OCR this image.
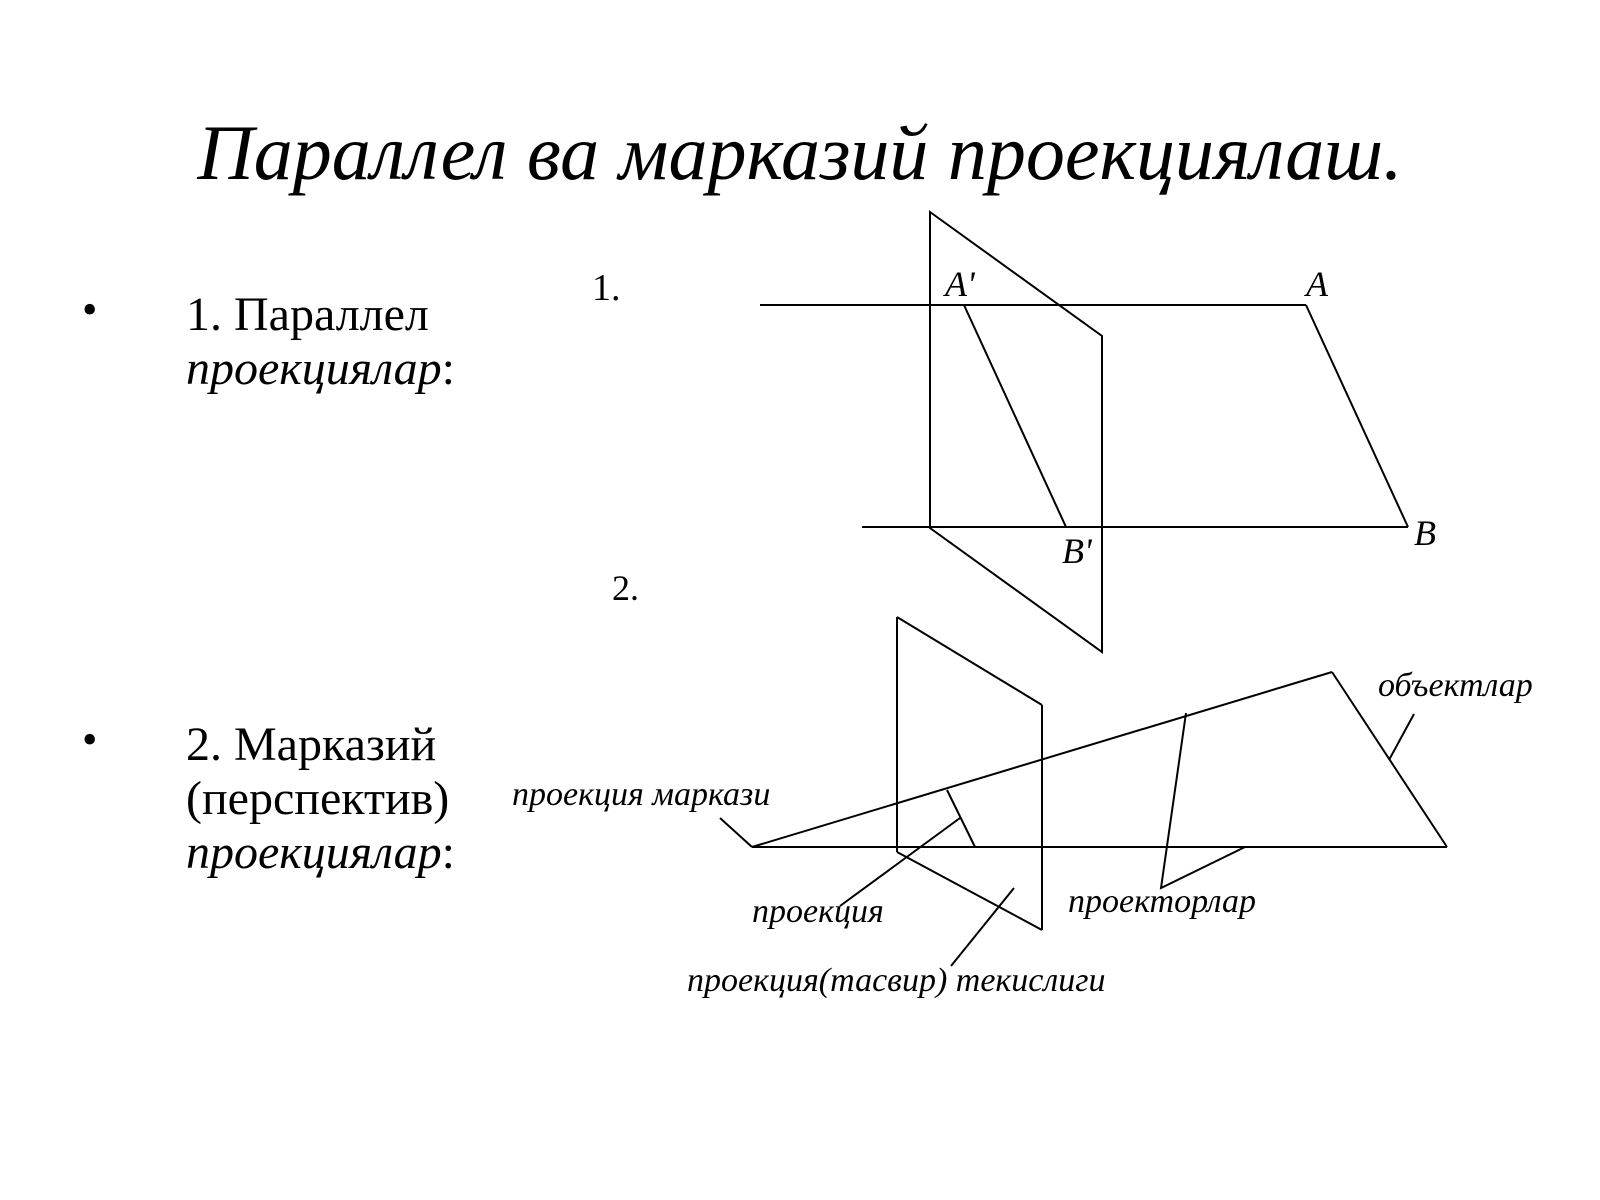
Параллел ва марказий проекциялаш.
• 1. Параллел
проекциялар:
• 2. Марказий
(перспектив)
проекциялар:
1.	A'	A
B'	B
2.
объектлар
проекция маркази
проекция	проекторлар
проекция(тасвир) текислиги
